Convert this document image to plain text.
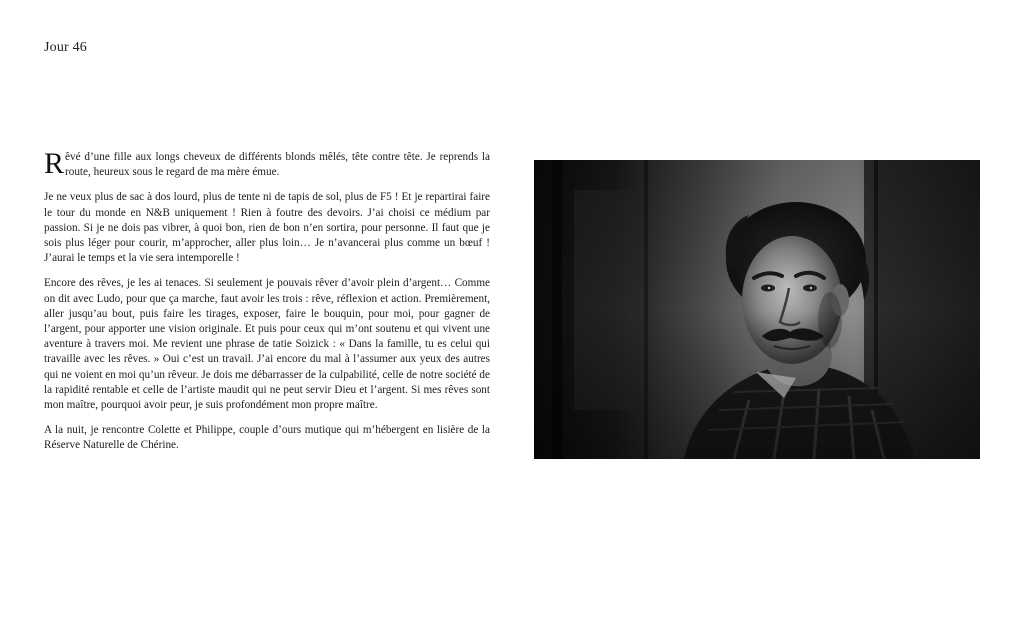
Jour 46

Rêvé d’une fille aux longs cheveux de différents blonds mêlés, tête contre tête. Je reprends la route, heureux sous le regard de ma mère émue.

Je ne veux plus de sac à dos lourd, plus de tente ni de tapis de sol, plus de F5 ! Et je repartirai faire le tour du monde en N&B uniquement ! Rien à foutre des devoirs. J’ai choisi ce médium par passion. Si je ne dois pas vibrer, à quoi bon, rien de bon n’en sortira, pour personne. Il faut que je sois plus léger pour courir, m’approcher, aller plus loin… Je n’avancerai plus comme un bœuf ! J’aurai le temps et la vie sera intemporelle !

Encore des rêves, je les ai tenaces. Si seulement je pouvais rêver d’avoir plein d’argent… Comme on dit avec Ludo, pour que ça marche, faut avoir les trois : rêve, réflexion et action. Premièrement, aller jusqu’au bout, puis faire les tirages, exposer, faire le bouquin, pour moi, pour gagner de l’argent, pour apporter une vision originale. Et puis pour ceux qui m’ont soutenu et qui vivent une aventure à travers moi. Me revient une phrase de tatie Soizick : « Dans la famille, tu es celui qui travaille avec les rêves. » Oui c’est un travail. J’ai encore du mal à l’assumer aux yeux des autres qui ne voient en moi qu’un rêveur. Je dois me débarrasser de la culpabilité, celle de notre société de la rapidité rentable et celle de l’artiste maudit qui ne peut servir Dieu et l’argent. Si mes rêves sont mon maître, pourquoi avoir peur, je suis profondément mon propre maître.

A la nuit, je rencontre Colette et Philippe, couple d’ours mutique qui m’hébergent en lisière de la Réserve Naturelle de Chérine.
